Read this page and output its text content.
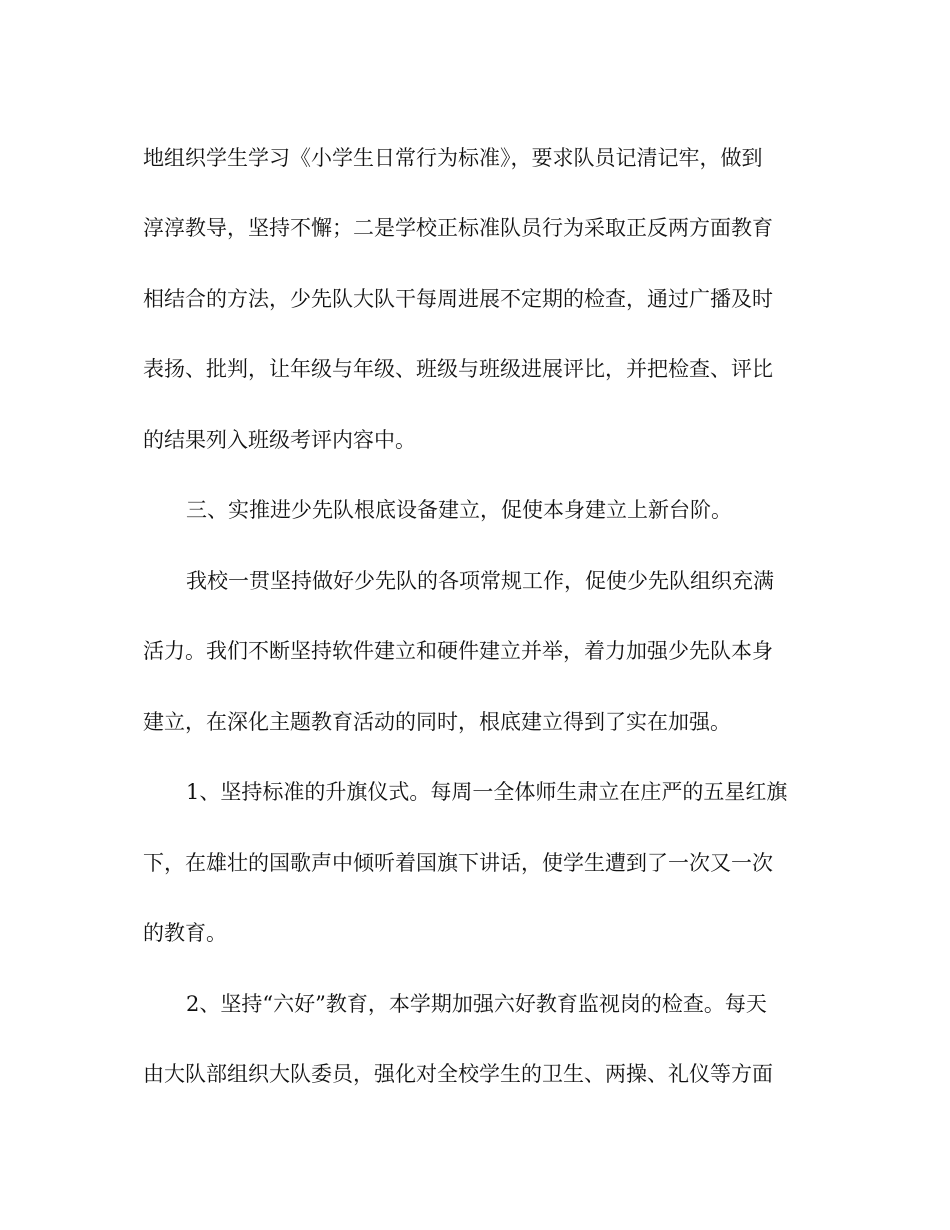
地组织学生学习《小学生日常行为标准》，要求队员记清记牢，做到
淳淳教导，坚持不懈；二是学校正标准队员行为采取正反两方面教育
相结合的方法，少先队大队干每周进展不定期的检查，通过广播及时
表扬、批判，让年级与年级、班级与班级进展评比，并把检查、评比
的结果列入班级考评内容中。
三、实推进少先队根底设备建立，促使本身建立上新台阶。
我校一贯坚持做好少先队的各项常规工作，促使少先队组织充满
活力。我们不断坚持软件建立和硬件建立并举，着力加强少先队本身
建立，在深化主题教育活动的同时，根底建立得到了实在加强。
1、坚持标准的升旗仪式。每周一全体师生肃立在庄严的五星红旗
下，在雄壮的国歌声中倾听着国旗下讲话，使学生遭到了一次又一次
的教育。
2、坚持“六好”教育，本学期加强六好教育监视岗的检查。每天
由大队部组织大队委员，强化对全校学生的卫生、两操、礼仪等方面
